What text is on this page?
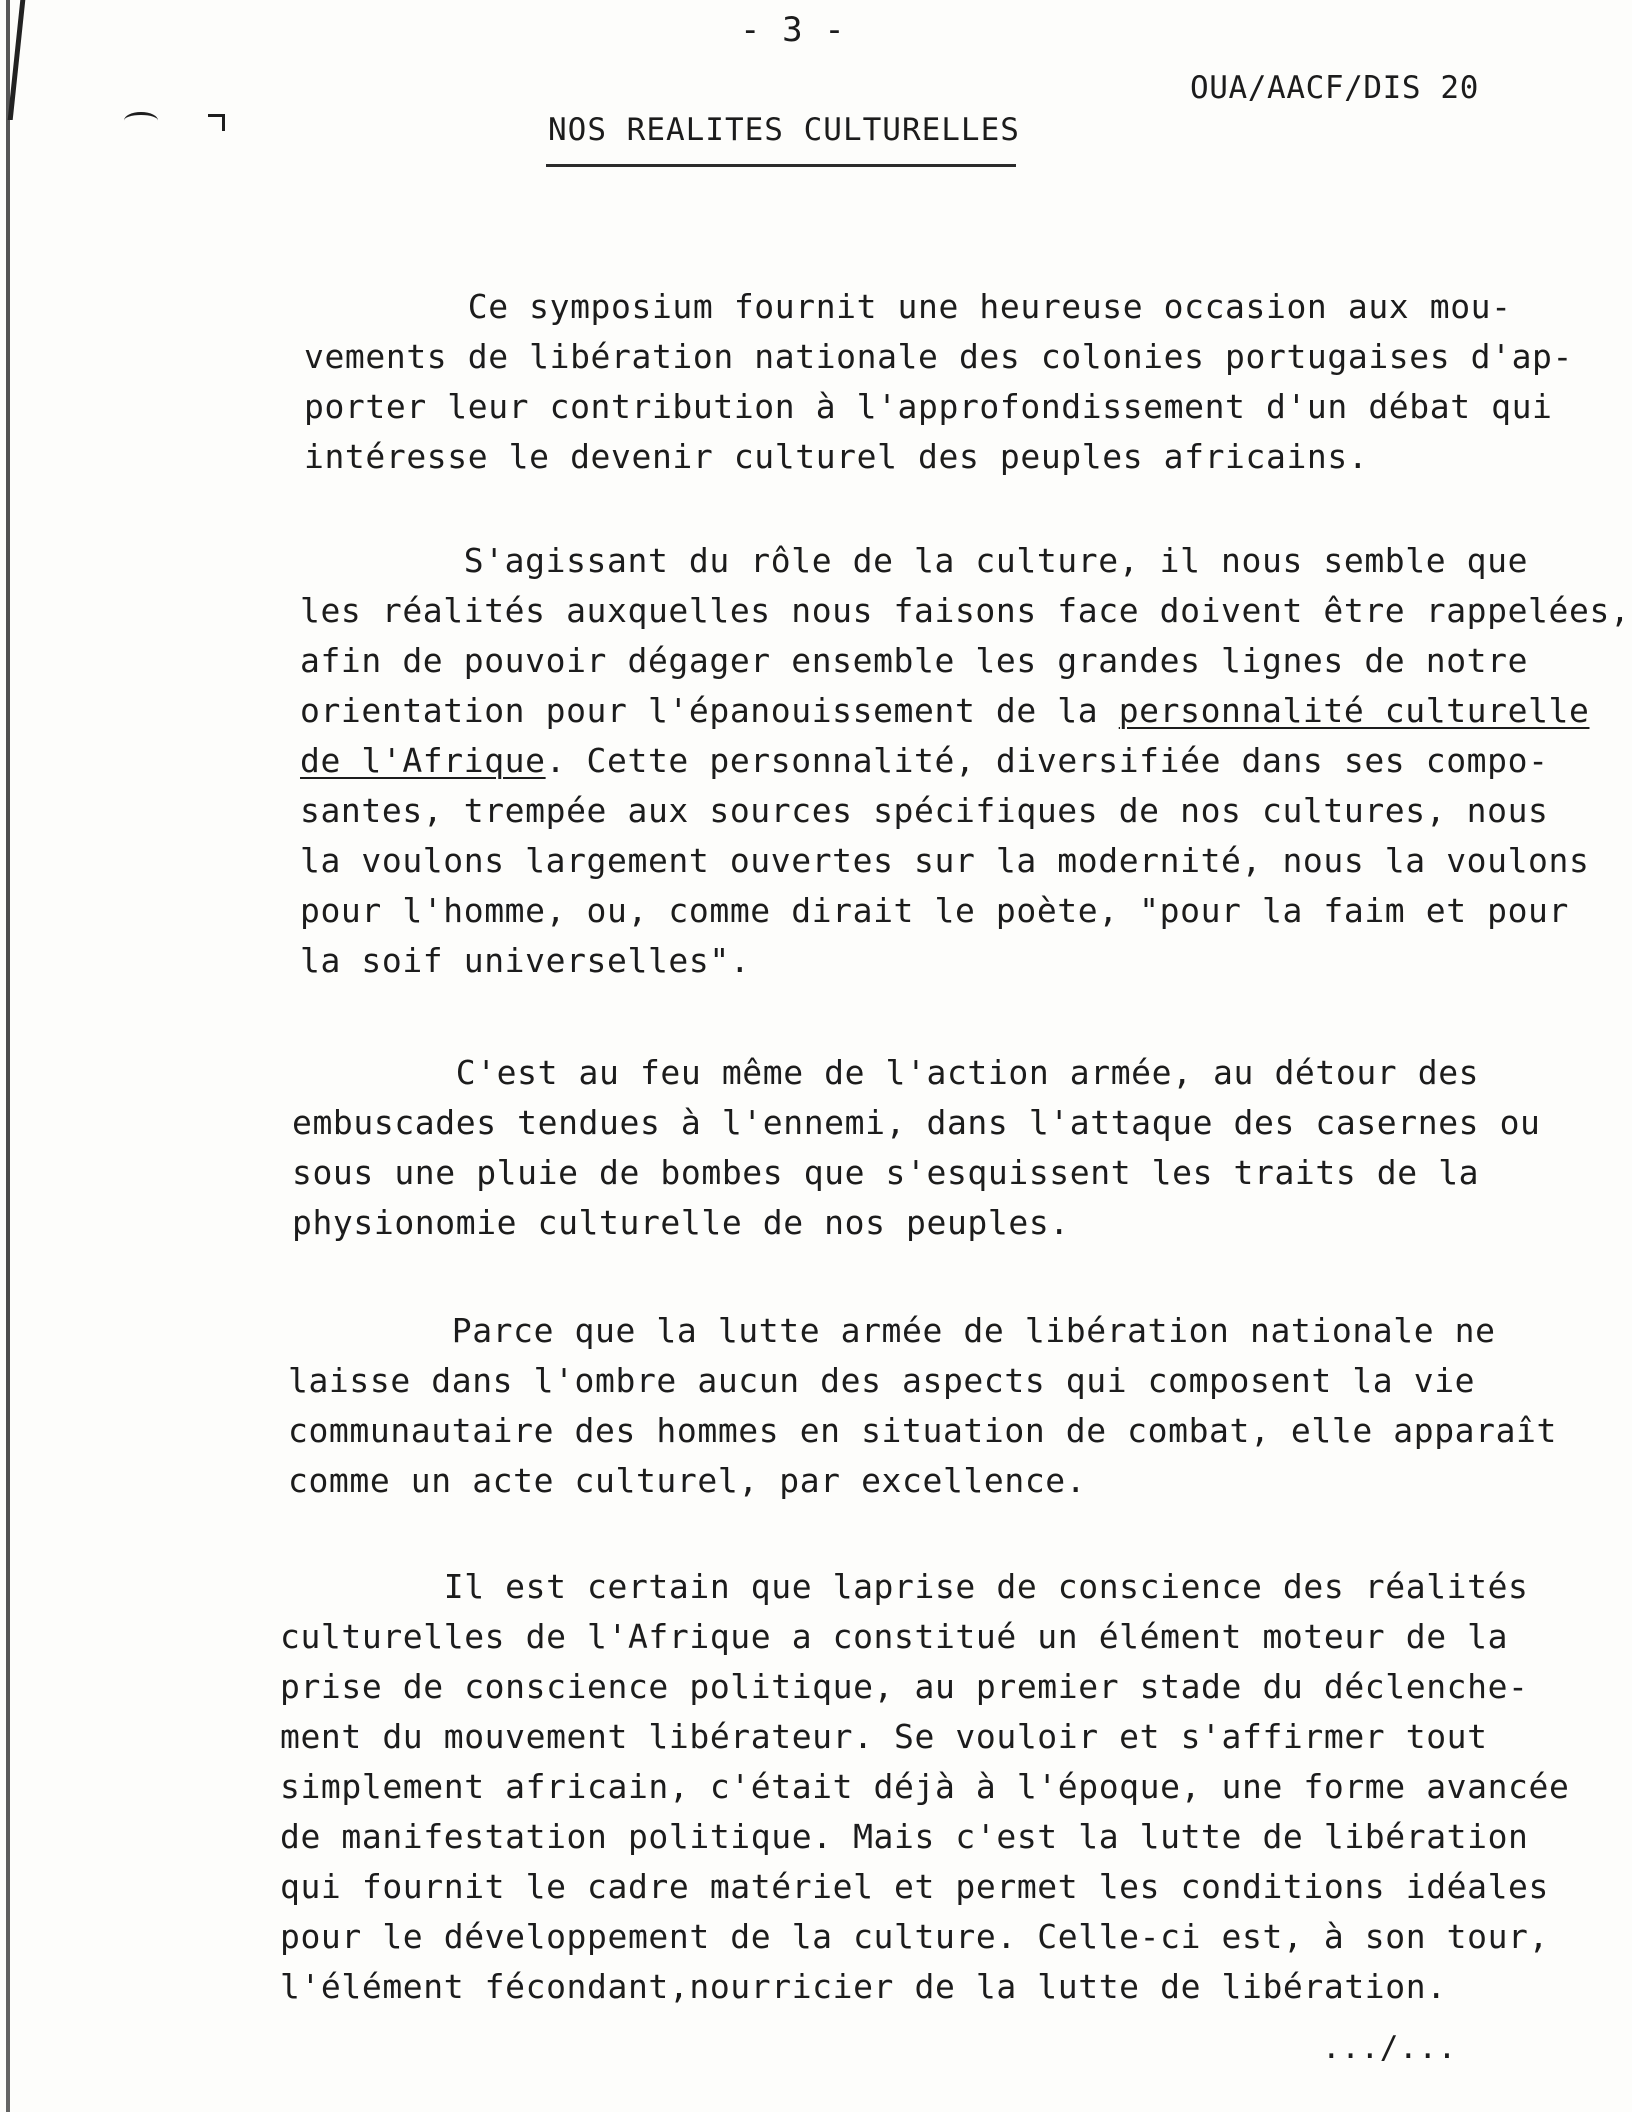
- 3 -
OUA/AACF/DIS 20
NOS REALITES CULTURELLES
Ce symposium fournit une heureuse occasion aux mou-
vements de libération nationale des colonies portugaises d'ap-
porter leur contribution à l'approfondissement d'un débat qui
intéresse le devenir culturel des peuples africains.
S'agissant du rôle de la culture, il nous semble que
les réalités auxquelles nous faisons face doivent être rappelées,
afin de pouvoir dégager ensemble les grandes lignes de notre
orientation pour l'épanouissement de la personnalité culturelle
de l'Afrique. Cette personnalité, diversifiée dans ses compo-
santes, trempée aux sources spécifiques de nos cultures, nous
la voulons largement ouvertes sur la modernité, nous la voulons
pour l'homme, ou, comme dirait le poète, "pour la faim et pour
la soif universelles".
C'est au feu même de l'action armée, au détour des
embuscades tendues à l'ennemi, dans l'attaque des casernes ou
sous une pluie de bombes que s'esquissent les traits de la
physionomie culturelle de nos peuples.
Parce que la lutte armée de libération nationale ne
laisse dans l'ombre aucun des aspects qui composent la vie
communautaire des hommes en situation de combat, elle apparaît
comme un acte culturel, par excellence.
Il est certain que laprise de conscience des réalités
culturelles de l'Afrique a constitué un élément moteur de la
prise de conscience politique, au premier stade du déclenche-
ment du mouvement libérateur. Se vouloir et s'affirmer tout
simplement africain, c'était déjà à l'époque, une forme avancée
de manifestation politique. Mais c'est la lutte de libération
qui fournit le cadre matériel et permet les conditions idéales
pour le développement de la culture. Celle-ci est, à son tour,
l'élément fécondant,nourricier de la lutte de libération.
.../...
